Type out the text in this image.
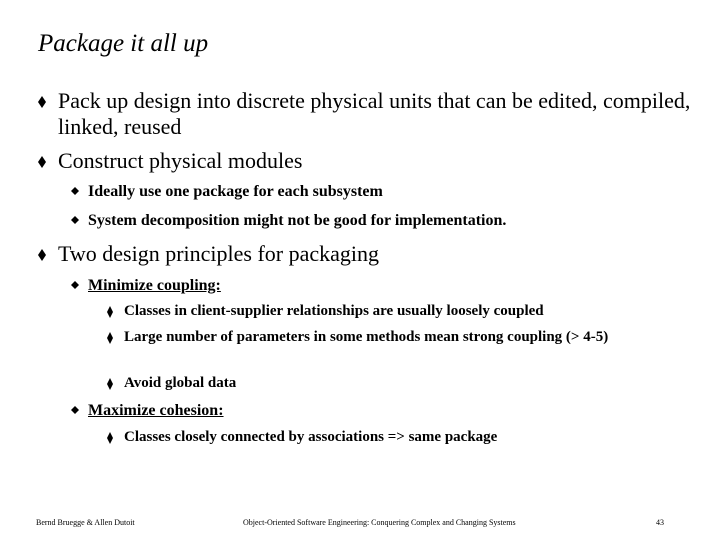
Package it all up
Pack up design into discrete physical units that can be edited, compiled, linked, reused
Construct physical modules
Ideally use one package for each subsystem
System decomposition might not be good for implementation.
Two design principles for packaging
Minimize coupling:
Classes in client-supplier relationships are usually loosely coupled
Large number of parameters in some methods mean strong coupling (> 4-5)
Avoid global data
Maximize cohesion:
Classes closely connected by associations => same package
Bernd Bruegge & Allen Dutoit	Object-Oriented Software Engineering: Conquering Complex and Changing Systems	43
